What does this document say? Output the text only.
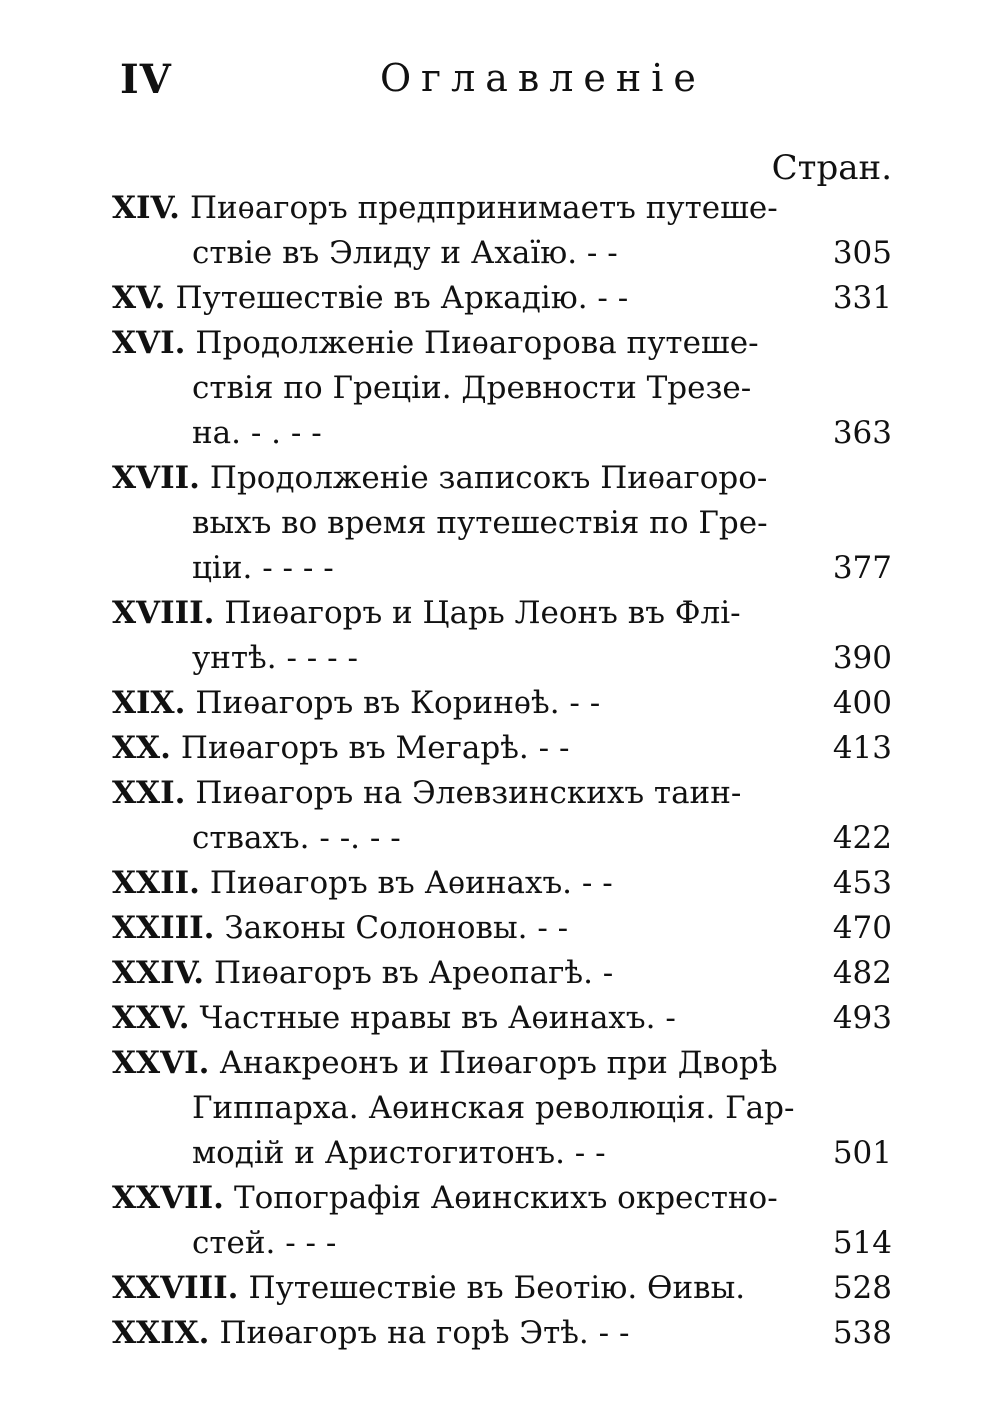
IV	Оглавленіе
Стран.
XIV. Пиѳагоръ предпринимаетъ путеше-
ствіе въ Элиду и Ахаїю. - -	305
XV. Путешествіе въ Аркадію. - -	331
XVI. Продолженіе Пиѳагорова путеше-
ствія по Греціи. Древности Трезе-
на. - . - -	363
XVII. Продолженіе записокъ Пиѳагоро-
выхъ во время путешествія по Гре-
ціи. - - - -	377
XVIII. Пиѳагоръ и Царь Леонъ въ Флі-
унтѣ. - - - -	390
XIX. Пиѳагоръ въ Коринѳѣ. - -	400
XX. Пиѳагоръ въ Мегарѣ. - -	413
XXI. Пиѳагоръ на Элевзинскихъ таин-
ствахъ. - -. - -	422
XXII. Пиѳагоръ въ Аѳинахъ. - -	453
XXIII. Законы Солоновы. - -	470
XXIV. Пиѳагоръ въ Ареопагѣ. -	482
XXV. Частные нравы въ Аѳинахъ. -	493
XXVI. Анакреонъ и Пиѳагоръ при Дворѣ
Гиппарха. Аѳинская революція. Гар-
модій и Аристогитонъ. - -	501
XXVII. Топографія Аѳинскихъ окрестно-
стей. - - -	514
XXVIII. Путешествіе въ Беотію. Ѳивы.	528
XXIX. Пиѳагоръ на горѣ Этѣ. - -	538
